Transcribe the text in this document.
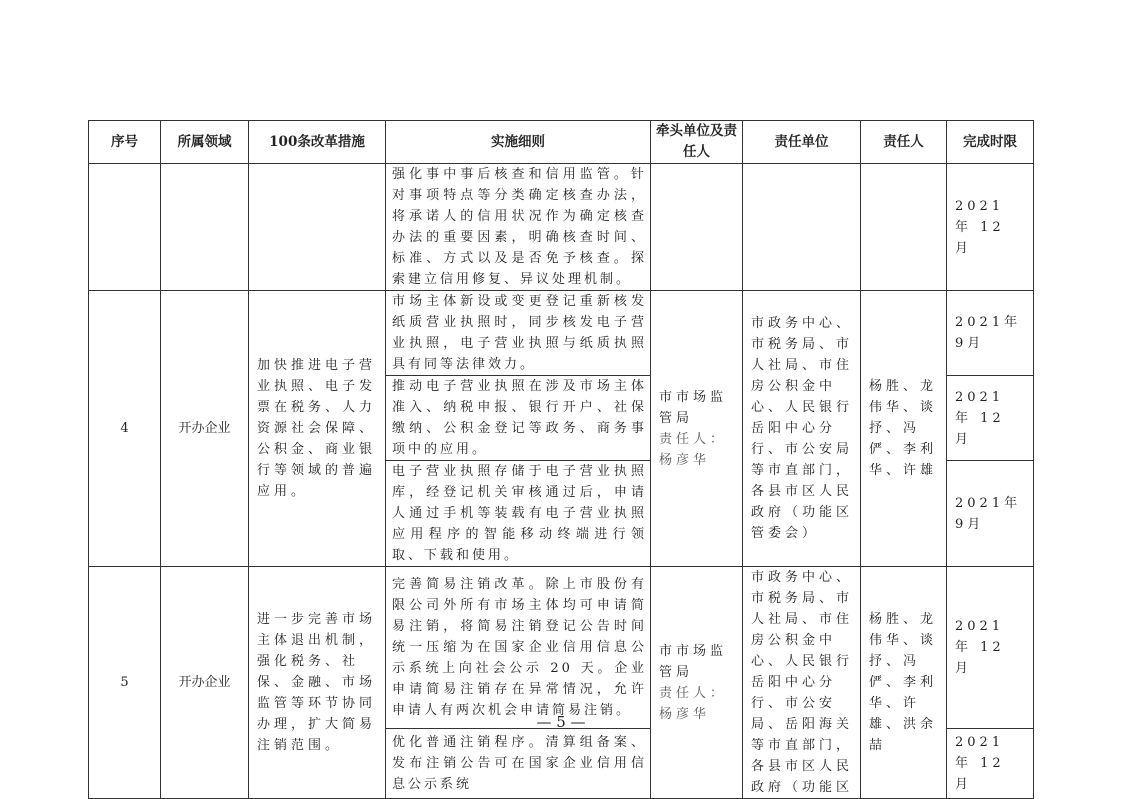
序号	所属领域	100条改革措施	实施细则	牵头单位及责任人	责任单位	责任人	完成时限
			强化事中事后核查和信用监管。针对事项特点等分类确定核查办法，将承诺人的信用状况作为确定核查办法的重要因素，明确核查时间、标准、方式以及是否免予核查。探索建立信用修复、异议处理机制。				2021 年 12 月
4	开办企业	加快推进电子营业执照、电子发票在税务、人力资源社会保障、公积金、商业银行等领域的普遍应用。	市场主体新设或变更登记重新核发纸质营业执照时，同步核发电子营业执照，电子营业执照与纸质执照具有同等法律效力。	市市场监管局
责任人：杨彦华	市政务中心、市税务局、市人社局、市住房公积金中心、人民银行岳阳中心分行、市公安局等市直部门，各县市区人民政府（功能区管委会）	杨胜、龙伟华、谈抒、冯俨、李利华、许雄	2021年9月
			推动电子营业执照在涉及市场主体准入、纳税申报、银行开户、社保缴纳、公积金登记等政务、商务事项中的应用。				2021 年 12 月
			电子营业执照存储于电子营业执照库，经登记机关审核通过后，申请人通过手机等装载有电子营业执照应用程序的智能移动终端进行领取、下载和使用。				2021年9月
5	开办企业	进一步完善市场主体退出机制，强化税务、社保、金融、市场监管等环节协同办理，扩大简易注销范围。	完善简易注销改革。除上市股份有限公司外所有市场主体均可申请简易注销，将简易注销登记公告时间统一压缩为在国家企业信用信息公示系统上向社会公示 20 天。企业申请简易注销存在异常情况，允许申请人有两次机会申请简易注销。	市市场监管局
责任人：杨彦华	市政务中心、市税务局、市人社局、市住房公积金中心、人民银行岳阳中心分行、市公安局、岳阳海关等市直部门，各县市区人民政府（功能区	杨胜、龙伟华、谈抒、冯俨、李利华、许雄、洪余喆	2021 年 12 月
			优化普通注销程序。清算组备案、发布注销公告可在国家企业信用信息公示系统				2021 年 12 月
— 5 —
